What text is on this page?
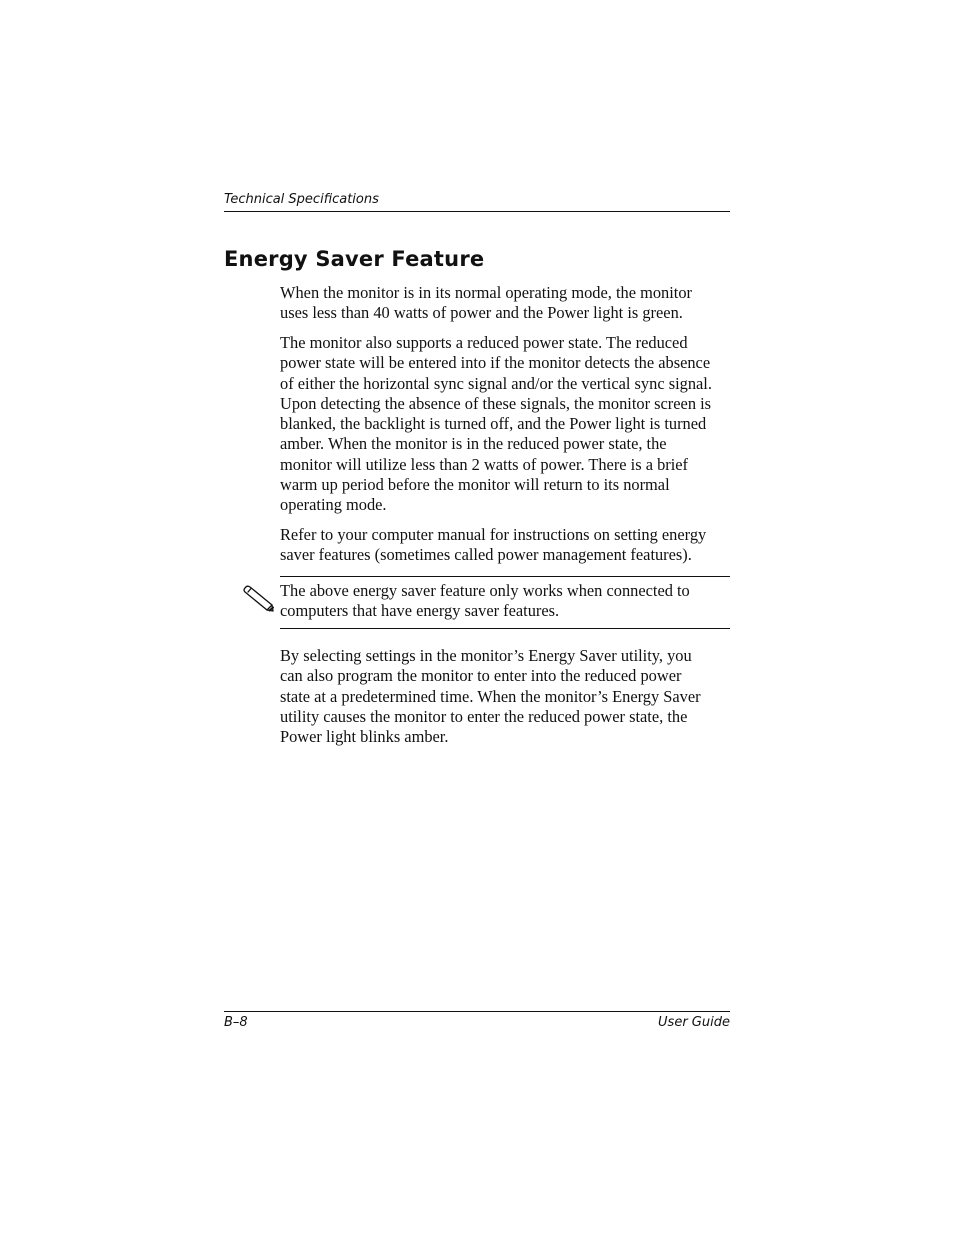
Technical Specifications
Energy Saver Feature

When the monitor is in its normal operating mode, the monitor
uses less than 40 watts of power and the Power light is green.

The monitor also supports a reduced power state. The reduced
power state will be entered into if the monitor detects the absence
of either the horizontal sync signal and/or the vertical sync signal.
Upon detecting the absence of these signals, the monitor screen is
blanked, the backlight is turned off, and the Power light is turned
amber. When the monitor is in the reduced power state, the
monitor will utilize less than 2 watts of power. There is a brief
warm up period before the monitor will return to its normal
operating mode.

Refer to your computer manual for instructions on setting energy
saver features (sometimes called power management features).

The above energy saver feature only works when connected to
computers that have energy saver features.

By selecting settings in the monitor’s Energy Saver utility, you
can also program the monitor to enter into the reduced power
state at a predetermined time. When the monitor’s Energy Saver
utility causes the monitor to enter the reduced power state, the
Power light blinks amber.

B–8	User Guide
